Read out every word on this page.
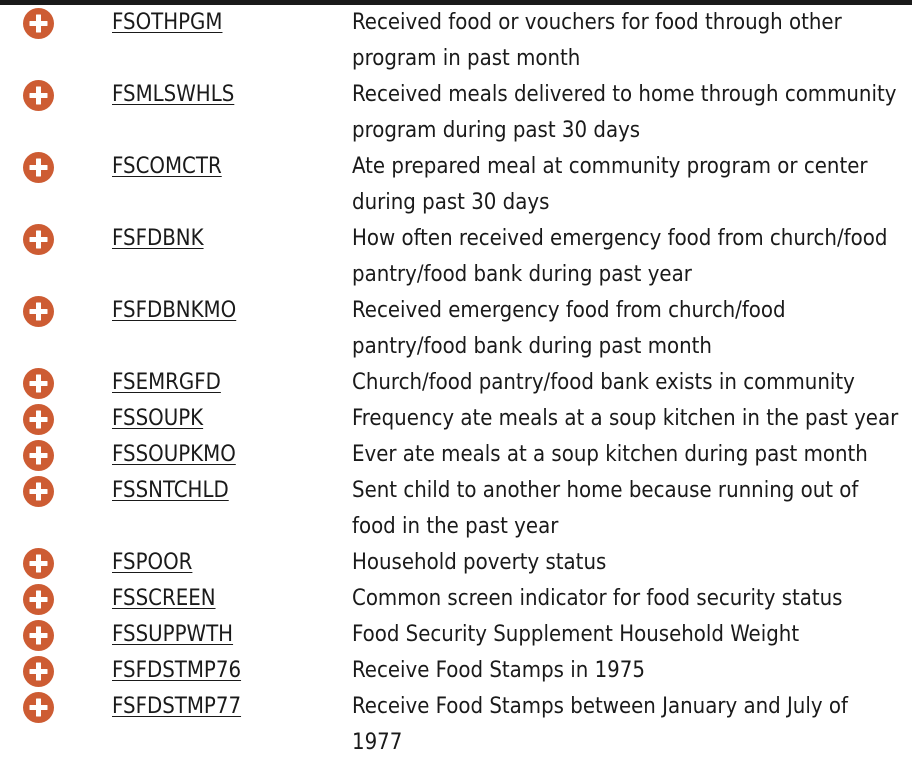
	FSOTHPGM	Received food or vouchers for food through other program in past month

	FSMLSWHLS	Received meals delivered to home through community program during past 30 days

	FSCOMCTR	Ate prepared meal at community program or center during past 30 days

	FSFDBNK	How often received emergency food from church/food pantry/food bank during past year

	FSFDBNKMO	Received emergency food from church/food pantry/food bank during past month

	FSEMRGFD	Church/food pantry/food bank exists in community

	FSSOUPK	Frequency ate meals at a soup kitchen in the past year

	FSSOUPKMO	Ever ate meals at a soup kitchen during past month

	FSSNTCHLD	Sent child to another home because running out of food in the past year

	FSPOOR	Household poverty status

	FSSCREEN	Common screen indicator for food security status

	FSSUPPWTH	Food Security Supplement Household Weight

	FSFDSTMP76	Receive Food Stamps in 1975

	FSFDSTMP77	Receive Food Stamps between January and July of 1977
